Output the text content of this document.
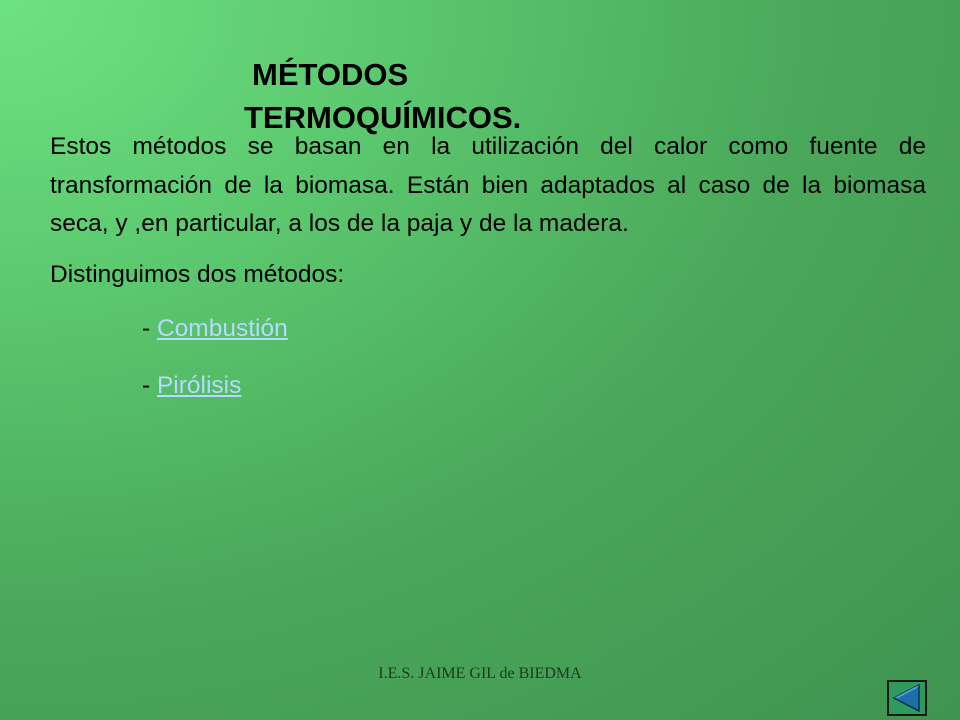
MÉTODOS
TERMOQUÍMICOS.

Estos métodos se basan en la utilización del calor como fuente de transformación de la biomasa. Están bien adaptados al caso de la biomasa seca, y ,en particular, a los de la paja y de la madera.

Distinguimos dos métodos:

- Combustión
- Pirólisis
I.E.S. JAIME GIL de BIEDMA
